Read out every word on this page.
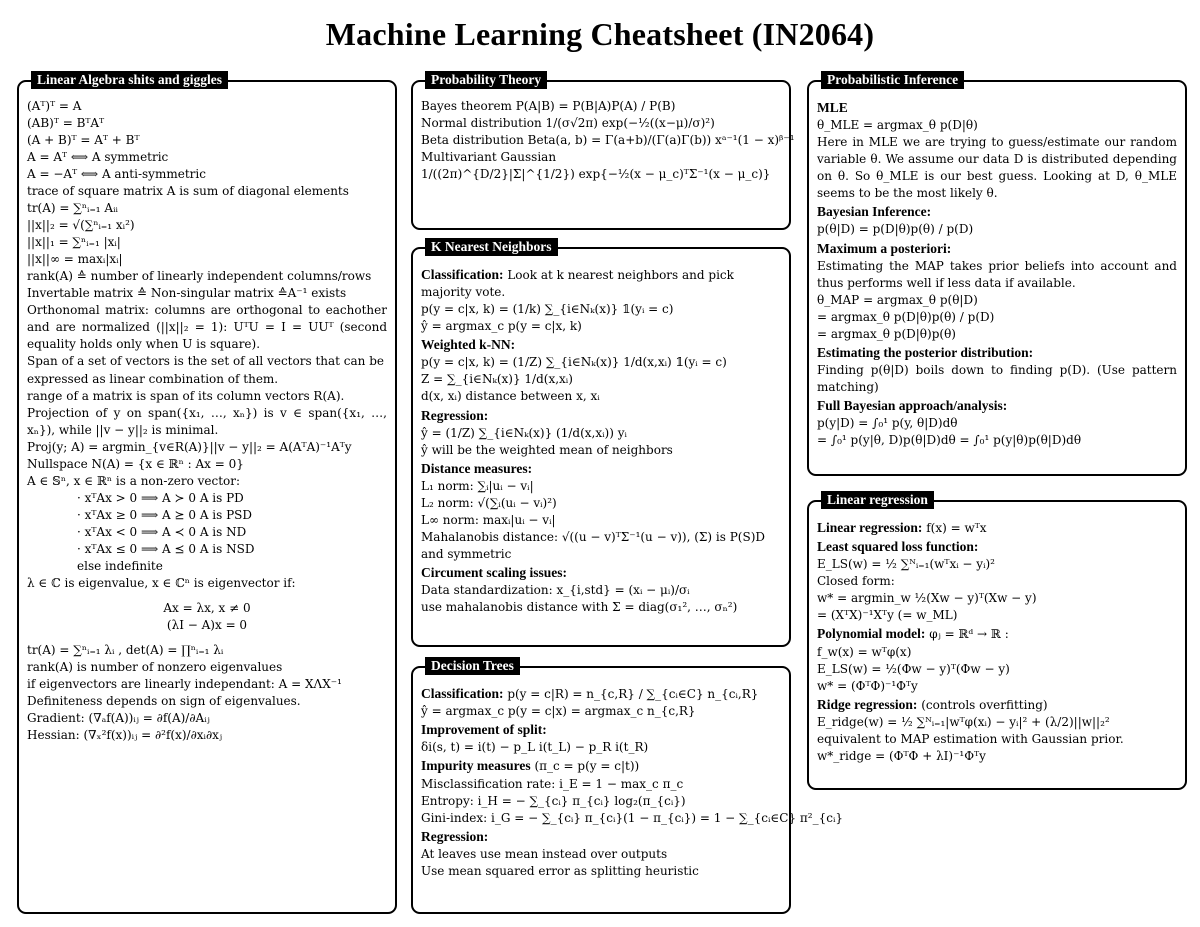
Machine Learning Cheatsheet (IN2064)
Linear Algebra shits and giggles
(Aᵀ)ᵀ = A
(AB)ᵀ = BᵀAᵀ
(A + B)ᵀ = Aᵀ + Bᵀ
A = Aᵀ ⟺ A symmetric
A = −Aᵀ ⟺ A anti-symmetric
trace of square matrix A is sum of diagonal elements
tr(A) = ∑ⁿᵢ₌₁ Aᵢᵢ
||x||₂ = √(∑ⁿᵢ₌₁ xᵢ²)
||x||₁ = ∑ⁿᵢ₌₁ |xᵢ|
||x||∞ = maxᵢ|xᵢ|
rank(A) ≙ number of linearly independent columns/rows
Invertable matrix ≙ Non-singular matrix ≙A⁻¹ exists
Orthonomal matrix: columns are orthogonal to eachother and are normalized (||x||₂ = 1): UᵀU = I = UUᵀ (second equality holds only when U is square).
Span of a set of vectors is the set of all vectors that can be expressed as linear combination of them.
range of a matrix is span of its column vectors R(A).
Projection of y on span({x₁, …, xₙ}) is v ∈ span({x₁, …, xₙ}), while ||v − y||₂ is minimal.
Proj(y; A) = argmin_{v∈R(A)}||v − y||₂ = A(AᵀA)⁻¹Aᵀy
Nullspace N(A) = {x ∈ ℝⁿ : Ax = 0}
A ∈ 𝕊ⁿ, x ∈ ℝⁿ is a non-zero vector:
· xᵀAx > 0 ⟹ A ≻ 0 A is PD
· xᵀAx ≥ 0 ⟹ A ⪰ 0 A is PSD
· xᵀAx < 0 ⟹ A ≺ 0 A is ND
· xᵀAx ≤ 0 ⟹ A ⪯ 0 A is NSD
else indefinite
λ ∈ ℂ is eigenvalue, x ∈ ℂⁿ is eigenvector if:
Ax = λx, x ≠ 0
(λI − A)x = 0
tr(A) = ∑ⁿᵢ₌₁ λᵢ , det(A) = ∏ⁿᵢ₌₁ λᵢ
rank(A) is number of nonzero eigenvalues
if eigenvectors are linearly independant: A = XΛX⁻¹
Definiteness depends on sign of eigenvalues.
Gradient: (∇ₐf(A))ᵢⱼ = ∂f(A)/∂Aᵢⱼ
Hessian: (∇ₓ²f(x))ᵢⱼ = ∂²f(x)/∂xᵢ∂xⱼ
Probability Theory
Bayes theorem P(A|B) = P(B|A)P(A) / P(B)
Normal distribution 1/(σ√2π) exp(−½((x−μ)/σ)²)
Beta distribution Beta(a, b) = Γ(a+b)/(Γ(a)Γ(b)) xᵃ⁻¹(1 − x)ᵝ⁻¹
Multivariant Gaussian
1/((2π)^{D/2}|Σ|^{1/2}) exp{−½(x − μ_c)ᵀΣ⁻¹(x − μ_c)}
K Nearest Neighbors
Classification: Look at k nearest neighbors and pick majority vote.
p(y = c|x, k) = (1/k) ∑_{i∈Nₖ(x)} 𝟙(yᵢ = c)
ŷ = argmax_c p(y = c|x, k)
Weighted k-NN:
p(y = c|x, k) = (1/Z) ∑_{i∈Nₖ(x)} 1/d(x,xᵢ) 𝟙(yᵢ = c)
Z = ∑_{i∈Nₖ(x)} 1/d(x,xᵢ)
d(x, xᵢ) distance between x, xᵢ
Regression:
ŷ = (1/Z) ∑_{i∈Nₖ(x)} (1/d(x,xᵢ)) yᵢ
ŷ will be the weighted mean of neighbors
Distance measures:
L₁ norm: ∑ᵢ|uᵢ − vᵢ|
L₂ norm: √(∑ᵢ(uᵢ − vᵢ)²)
L∞ norm: maxᵢ|uᵢ − vᵢ|
Mahalanobis distance: √((u − v)ᵀΣ⁻¹(u − v)), (Σ) is P(S)D and symmetric
Circument scaling issues:
Data standardization: x_{i,std} = (xᵢ − μᵢ)/σᵢ
use mahalanobis distance with Σ = diag(σ₁², …, σₙ²)
Decision Trees
Classification: p(y = c|R) = n_{c,R} / ∑_{cᵢ∈C} n_{cᵢ,R}
ŷ = argmax_c p(y = c|x) = argmax_c n_{c,R}
Improvement of split:
δi(s, t) = i(t) − p_L i(t_L) − p_R i(t_R)
Impurity measures (π_c = p(y = c|t))
Misclassification rate: i_E = 1 − max_c π_c
Entropy: i_H = − ∑_{cᵢ} π_{cᵢ} log₂(π_{cᵢ})
Gini-index: i_G = − ∑_{cᵢ} π_{cᵢ}(1 − π_{cᵢ}) = 1 − ∑_{cᵢ∈C} π²_{cᵢ}
Regression:
At leaves use mean instead over outputs
Use mean squared error as splitting heuristic
Probabilistic Inference
MLE
θ_MLE = argmax_θ p(D|θ)
Here in MLE we are trying to guess/estimate our random variable θ. We assume our data D is distributed depending on θ. So θ_MLE is our best guess. Looking at D, θ_MLE seems to be the most likely θ.
Bayesian Inference:
p(θ|D) = p(D|θ)p(θ) / p(D)
Maximum a posteriori:
Estimating the MAP takes prior beliefs into account and thus performs well if less data if available.
θ_MAP = argmax_θ p(θ|D)
= argmax_θ p(D|θ)p(θ) / p(D)
= argmax_θ p(D|θ)p(θ)
Estimating the posterior distribution:
Finding p(θ|D) boils down to finding p(D). (Use pattern matching)
Full Bayesian approach/analysis:
p(y|D) = ∫₀¹ p(y, θ|D)dθ
= ∫₀¹ p(y|θ, D)p(θ|D)dθ = ∫₀¹ p(y|θ)p(θ|D)dθ
Linear regression
Linear regression: f(x) = wᵀx
Least squared loss function:
E_LS(w) = ½ ∑ᴺᵢ₌₁(wᵀxᵢ − yᵢ)²
Closed form:
w* = argmin_w ½(Xw − y)ᵀ(Xw − y)
= (XᵀX)⁻¹Xᵀy (= w_ML)
Polynomial model: φⱼ = ℝᵈ → ℝ :
f_w(x) = wᵀφ(x)
E_LS(w) = ½(Φw − y)ᵀ(Φw − y)
w* = (ΦᵀΦ)⁻¹Φᵀy
Ridge regression: (controls overfitting)
E_ridge(w) = ½ ∑ᴺᵢ₌₁|wᵀφ(xᵢ) − yᵢ|² + (λ/2)||w||₂²
equivalent to MAP estimation with Gaussian prior.
w*_ridge = (ΦᵀΦ + λI)⁻¹Φᵀy
